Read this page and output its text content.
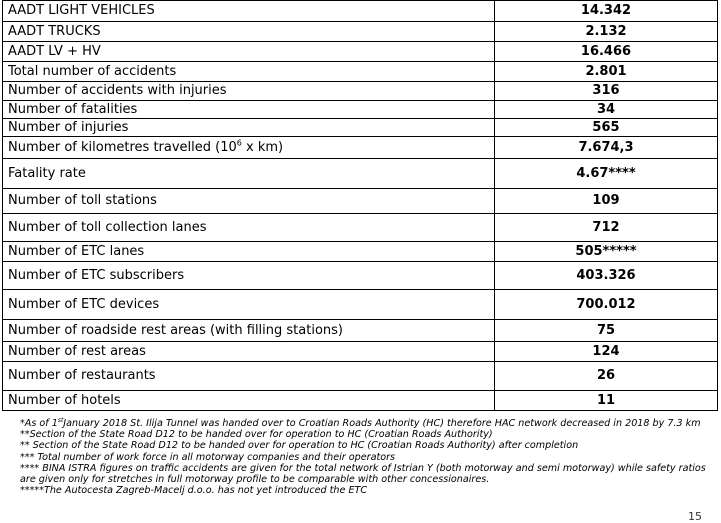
AADT LIGHT VEHICLES	14.342
AADT TRUCKS	2.132
AADT LV + HV	16.466
Total number of accidents	2.801
Number of accidents with injuries	316
Number of fatalities	34
Number of injuries	565
Number of kilometres travelled ($10^6$ x km)	7.674,3
Fatality rate	4.67****
Number of toll stations	109
Number of toll collection lanes	712
Number of ETC lanes	505*****
Number of ETC subscribers	403.326
Number of ETC devices	700.012
Number of roadside rest areas (with filling stations)	75
Number of rest areas	124
Number of restaurants	26
Number of hotels	11
*As of 1stJanuary 2018 St. Ilija Tunnel was handed over to Croatian Roads Authority (HC) therefore HAC network decreased in 2018 by 7.3 km
**Section of the State Road D12 to be handed over for operation to HC (Croatian Roads Authority)
** Section of the State Road D12 to be handed over for operation to HC (Croatian Roads Authority) after completion
*** Total number of work force in all motorway companies and their operators
**** BINA ISTRA figures on traffic accidents are given for the total network of Istrian Y (both motorway and semi motorway) while safety ratios are given only for stretches in full motorway profile to be comparable with other concessionaires.
*****The Autocesta Zagreb-Macelj d.o.o. has not yet introduced the ETC
15
